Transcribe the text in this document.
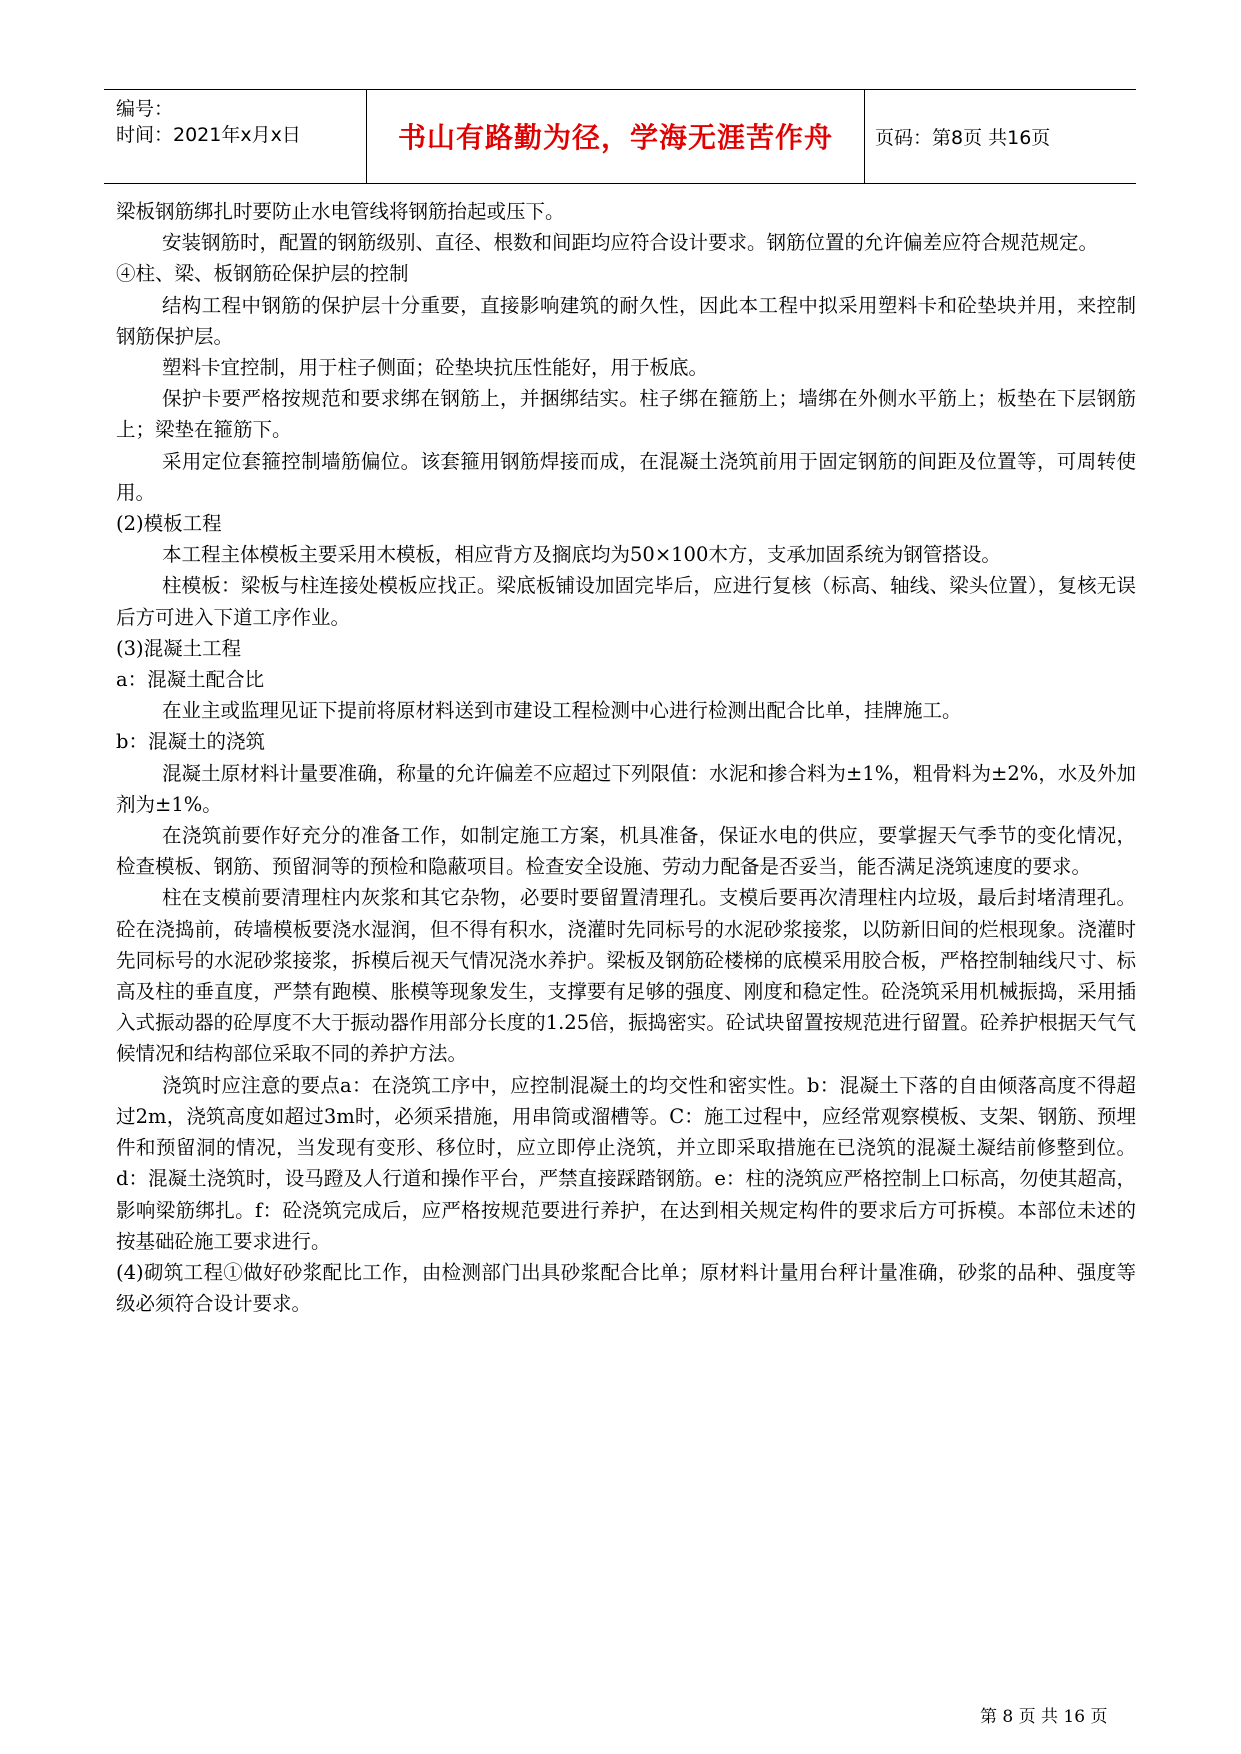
编号：
时间：2021年x月x日	书山有路勤为径，学海无涯苦作舟	页码：第8页 共16页

梁板钢筋绑扎时要防止水电管线将钢筋抬起或压下。

安装钢筋时，配置的钢筋级别、直径、根数和间距均应符合设计要求。钢筋位置的允许偏差应符合规范规定。

④柱、梁、板钢筋砼保护层的控制

结构工程中钢筋的保护层十分重要，直接影响建筑的耐久性，因此本工程中拟采用塑料卡和砼垫块并用，来控制钢筋保护层。

塑料卡宜控制，用于柱子侧面；砼垫块抗压性能好，用于板底。

保护卡要严格按规范和要求绑在钢筋上，并捆绑结实。柱子绑在箍筋上；墙绑在外侧水平筋上；板垫在下层钢筋上；梁垫在箍筋下。

采用定位套箍控制墙筋偏位。该套箍用钢筋焊接而成，在混凝土浇筑前用于固定钢筋的间距及位置等，可周转使用。

(2)模板工程

本工程主体模板主要采用木模板，相应背方及搁底均为50×100木方，支承加固系统为钢管搭设。

柱模板：梁板与柱连接处模板应找正。梁底板铺设加固完毕后，应进行复核（标高、轴线、梁头位置），复核无误后方可进入下道工序作业。

(3)混凝土工程

a：混凝土配合比

在业主或监理见证下提前将原材料送到市建设工程检测中心进行检测出配合比单，挂牌施工。

b：混凝土的浇筑

混凝土原材料计量要准确，称量的允许偏差不应超过下列限值：水泥和掺合料为±1%，粗骨料为±2%，水及外加剂为±1%。

在浇筑前要作好充分的准备工作，如制定施工方案，机具准备，保证水电的供应，要掌握天气季节的变化情况，检查模板、钢筋、预留洞等的预检和隐蔽项目。检查安全设施、劳动力配备是否妥当，能否满足浇筑速度的要求。

柱在支模前要清理柱内灰浆和其它杂物，必要时要留置清理孔。支模后要再次清理柱内垃圾，最后封堵清理孔。砼在浇捣前，砖墙模板要浇水湿润，但不得有积水，浇灌时先同标号的水泥砂浆接浆，以防新旧间的烂根现象。浇灌时先同标号的水泥砂浆接浆，拆模后视天气情况浇水养护。梁板及钢筋砼楼梯的底模采用胶合板，严格控制轴线尺寸、标高及柱的垂直度，严禁有跑模、胀模等现象发生，支撑要有足够的强度、刚度和稳定性。砼浇筑采用机械振捣，采用插入式振动器的砼厚度不大于振动器作用部分长度的1.25倍，振捣密实。砼试块留置按规范进行留置。砼养护根据天气气候情况和结构部位采取不同的养护方法。

浇筑时应注意的要点a：在浇筑工序中，应控制混凝土的均交性和密实性。b：混凝土下落的自由倾落高度不得超过2m，浇筑高度如超过3m时，必须采措施，用串筒或溜槽等。C：施工过程中，应经常观察模板、支架、钢筋、预埋件和预留洞的情况，当发现有变形、移位时，应立即停止浇筑，并立即采取措施在已浇筑的混凝土凝结前修整到位。d：混凝土浇筑时，设马蹬及人行道和操作平台，严禁直接踩踏钢筋。e：柱的浇筑应严格控制上口标高，勿使其超高，影响梁筋绑扎。f：砼浇筑完成后，应严格按规范要进行养护，在达到相关规定构件的要求后方可拆模。本部位未述的按基础砼施工要求进行。

(4)砌筑工程①做好砂浆配比工作，由检测部门出具砂浆配合比单；原材料计量用台秤计量准确，砂浆的品种、强度等级必须符合设计要求。

第 8 页 共 16 页
